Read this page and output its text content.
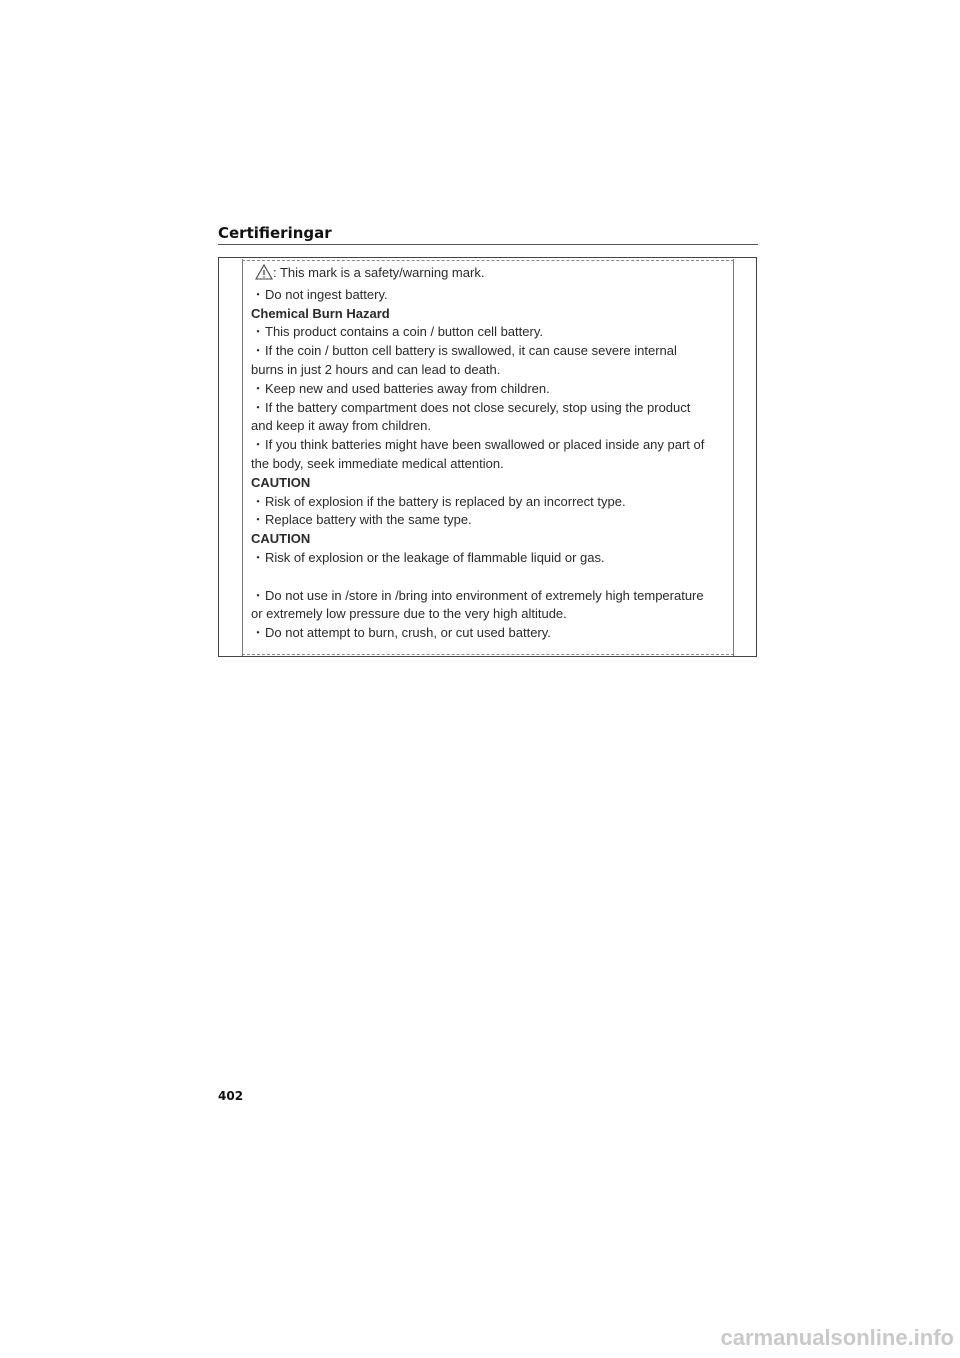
Certifieringar
: This mark is a safety/warning mark.
・Do not ingest battery.
Chemical Burn Hazard
・This product contains a coin / button cell battery.
・If the coin / button cell battery is swallowed, it can cause severe internal
burns in just 2 hours and can lead to death.
・Keep new and used batteries away from children.
・If the battery compartment does not close securely, stop using the product
and keep it away from children.
・If you think batteries might have been swallowed or placed inside any part of
the body, seek immediate medical attention.
CAUTION
・Risk of explosion if the battery is replaced by an incorrect type.
・Replace battery with the same type.
CAUTION
・Risk of explosion or the leakage of flammable liquid or gas.
・Do not use in /store in /bring into environment of extremely high temperature
or extremely low pressure due to the very high altitude.
・Do not attempt to burn, crush, or cut used battery.
402
carmanualsonline.info
